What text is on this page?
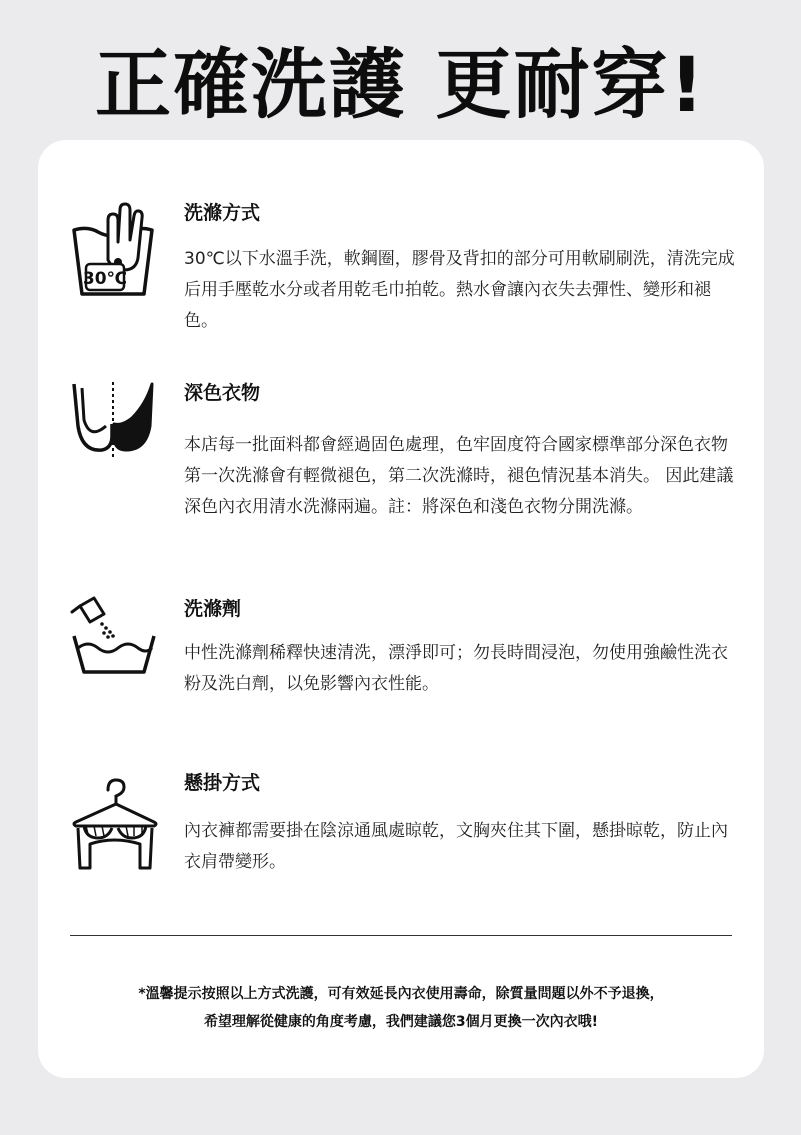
正確洗護 更耐穿!
30℃
洗滌方式
30℃以下水溫手洗，軟鋼圈，膠骨及背扣的部分可用軟刷刷洗，清洗完成后用手壓乾水分或者用乾毛巾拍乾。熱水會讓內衣失去彈性、變形和褪色。
深色衣物
本店每一批面料都會經過固色處理，色牢固度符合國家標準部分深色衣物第一次洗滌會有輕微褪色，第二次洗滌時，褪色情況基本消失。 因此建議深色內衣用清水洗滌兩遍。註：將深色和淺色衣物分開洗滌。
洗滌劑
中性洗滌劑稀釋快速清洗，漂淨即可；勿長時間浸泡，勿使用強鹼性洗衣粉及洗白劑，以免影響內衣性能。
懸掛方式
內衣褲都需要掛在陰涼通風處晾乾，文胸夾住其下圍，懸掛晾乾，防止內衣肩帶變形。
*溫馨提示按照以上方式洗護，可有效延長內衣使用壽命，除質量問題以外不予退換，
希望理解從健康的角度考慮，我們建議您3個月更換一次內衣哦!
